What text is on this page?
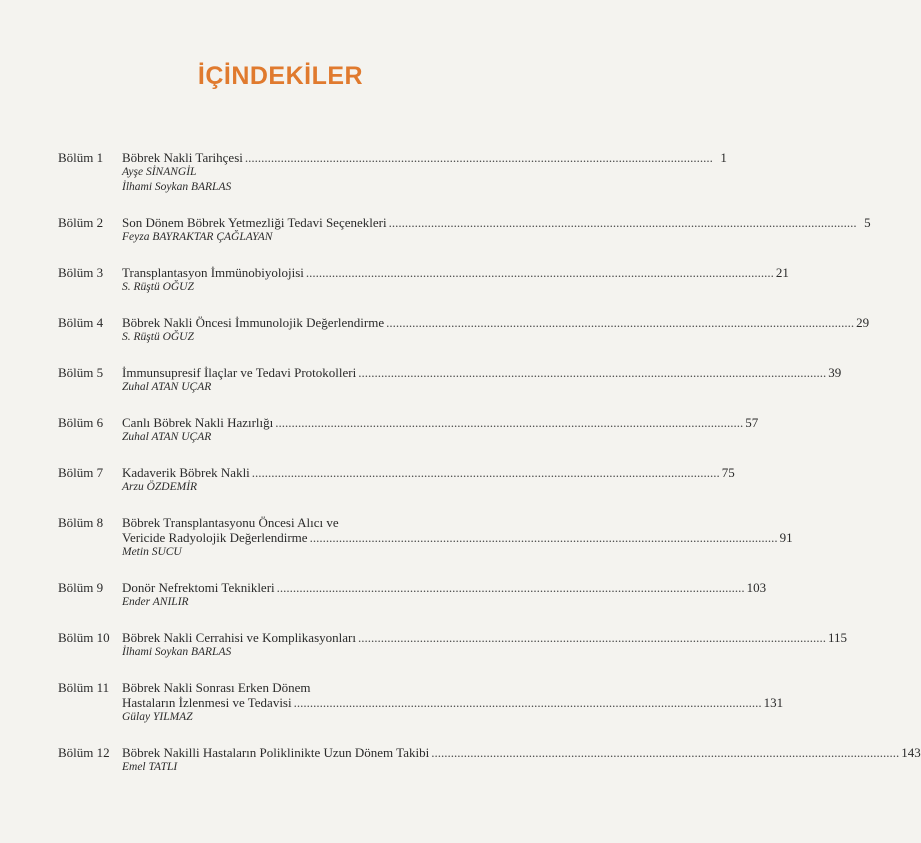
İÇİNDEKİLER
Bölüm 1	Böbrek Nakli Tarihçesi .....	1
Ayşe SİNANGİL
İlhami Soykan BARLAS
Bölüm 2	Son Dönem Böbrek Yetmezliği Tedavi Seçenekleri .....	5
Feyza BAYRAKTAR ÇAĞLAYAN
Bölüm 3	Transplantasyon İmmünobiyolojisi .....	21
S. Rüştü OĞUZ
Bölüm 4	Böbrek Nakli Öncesi İmmunolojik Değerlendirme .....	29
S. Rüştü OĞUZ
Bölüm 5	İmmunsupresif İlaçlar ve Tedavi Protokolleri .....	39
Zuhal ATAN UÇAR
Bölüm 6	Canlı Böbrek Nakli Hazırlığı .....	57
Zuhal ATAN UÇAR
Bölüm 7	Kadaverik Böbrek Nakli .....	75
Arzu ÖZDEMİR
Bölüm 8	Böbrek Transplantasyonu Öncesi Alıcı ve
Vericide Radyolojik Değerlendirme .....	91
Metin SUCU
Bölüm 9	Donör Nefrektomi Teknikleri .....	103
Ender ANILIR
Bölüm 10 Böbrek Nakli Cerrahisi ve Komplikasyonları .....	115
İlhami Soykan BARLAS
Bölüm 11 Böbrek Nakli Sonrası Erken Dönem
Hastaların İzlenmesi ve Tedavisi .....	131
Gülay YILMAZ
Bölüm 12 Böbrek Nakilli Hastaların Poliklinikte Uzun Dönem Takibi .....	143
Emel TATLI
